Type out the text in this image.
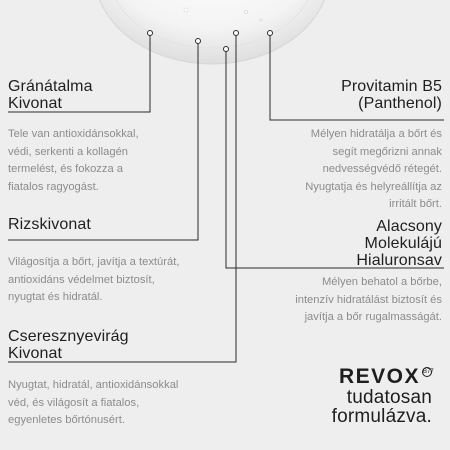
Gránátalma
Kivonat

Tele van antioxidánsokkal,
védi, serkenti a kollagén
termelést, és fokozza a
fiatalos ragyogást.

Rizskivonat

Világosítja a bőrt, javítja a textúrát,
antioxidáns védelmet biztosít,
nyugtat és hidratál.

Cseresznyevirág
Kivonat

Nyugtat, hidratál, antioxidánsokkal
véd, és világosít a fiatalos,
egyenletes bőrtónusért.

Provitamin B5
(Panthenol)

Mélyen hidratálja a bőrt és
segít megőrizni annak
nedvességvédő rétegét.
Nyugtatja és helyreállítja az
irritált bőrt.

Alacsony
Molekulájú
Hialuronsav

Mélyen behatol a bőrbe,
intenzív hidratálást biztosít és
javítja a bőr rugalmasságát.

REVOX B77
tudatosan
formulázva.
